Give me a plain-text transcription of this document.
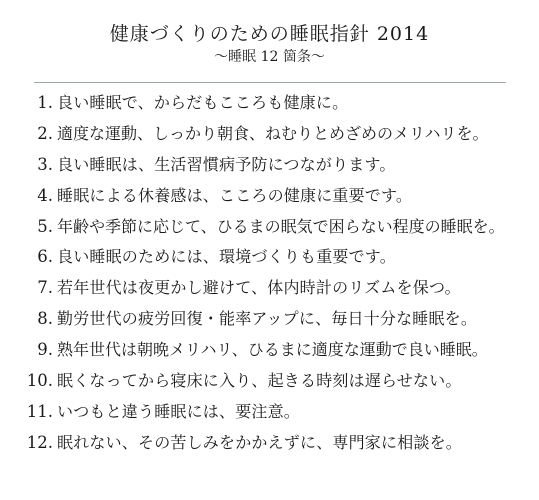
健康づくりのための睡眠指針 2014
〜睡眠 12 箇条〜
1. 良い睡眠で、からだもこころも健康に。
2. 適度な運動、しっかり朝食、ねむりとめざめのメリハリを。
3. 良い睡眠は、生活習慣病予防につながります。
4. 睡眠による休養感は、こころの健康に重要です。
5. 年齢や季節に応じて、ひるまの眠気で困らない程度の睡眠を。
6. 良い睡眠のためには、環境づくりも重要です。
7. 若年世代は夜更かし避けて、体内時計のリズムを保つ。
8. 勤労世代の疲労回復・能率アップに、毎日十分な睡眠を。
9. 熟年世代は朝晩メリハリ、ひるまに適度な運動で良い睡眠。
10. 眠くなってから寝床に入り、起きる時刻は遅らせない。
11. いつもと違う睡眠には、要注意。
12. 眠れない、その苦しみをかかえずに、専門家に相談を。
